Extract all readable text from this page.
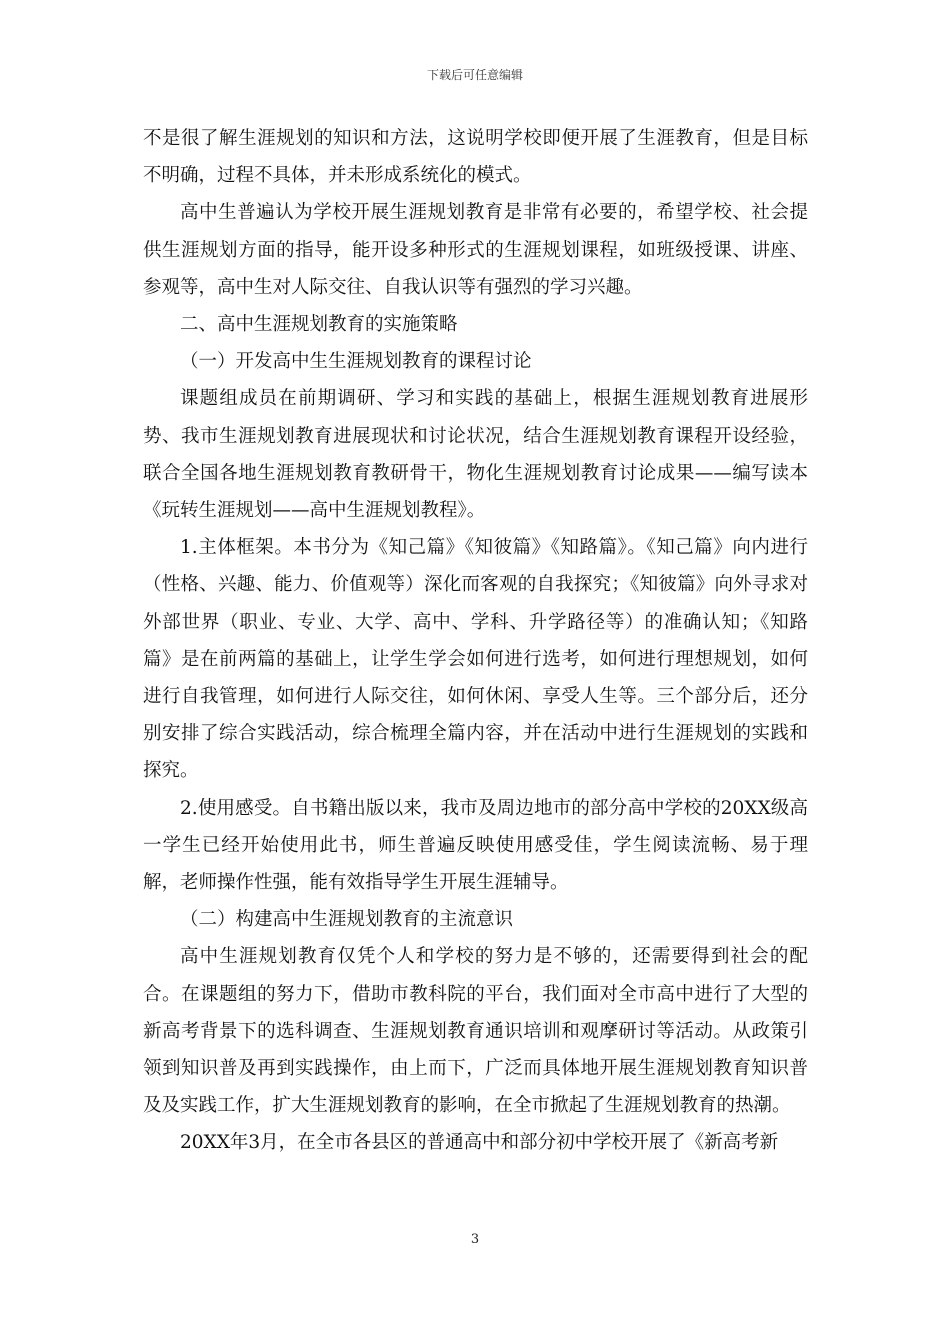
下载后可任意编辑

不是很了解生涯规划的知识和方法，这说明学校即便开展了生涯教育，但是目标不明确，过程不具体，并未形成系统化的模式。

高中生普遍认为学校开展生涯规划教育是非常有必要的，希望学校、社会提供生涯规划方面的指导，能开设多种形式的生涯规划课程，如班级授课、讲座、参观等，高中生对人际交往、自我认识等有强烈的学习兴趣。

二、高中生涯规划教育的实施策略

（一）开发高中生生涯规划教育的课程讨论

课题组成员在前期调研、学习和实践的基础上，根据生涯规划教育进展形势、我市生涯规划教育进展现状和讨论状况，结合生涯规划教育课程开设经验，联合全国各地生涯规划教育教研骨干，物化生涯规划教育讨论成果——编写读本《玩转生涯规划——高中生涯规划教程》。

1.主体框架。本书分为《知己篇》《知彼篇》《知路篇》。《知己篇》向内进行（性格、兴趣、能力、价值观等）深化而客观的自我探究；《知彼篇》向外寻求对外部世界（职业、专业、大学、高中、学科、升学路径等）的准确认知；《知路篇》是在前两篇的基础上，让学生学会如何进行选考，如何进行理想规划，如何进行自我管理，如何进行人际交往，如何休闲、享受人生等。三个部分后，还分别安排了综合实践活动，综合梳理全篇内容，并在活动中进行生涯规划的实践和探究。

2.使用感受。自书籍出版以来，我市及周边地市的部分高中学校的20XX级高一学生已经开始使用此书，师生普遍反映使用感受佳，学生阅读流畅、易于理解，老师操作性强，能有效指导学生开展生涯辅导。

（二）构建高中生涯规划教育的主流意识

高中生涯规划教育仅凭个人和学校的努力是不够的，还需要得到社会的配合。在课题组的努力下，借助市教科院的平台，我们面对全市高中进行了大型的新高考背景下的选科调查、生涯规划教育通识培训和观摩研讨等活动。从政策引领到知识普及再到实践操作，由上而下，广泛而具体地开展生涯规划教育知识普及及实践工作，扩大生涯规划教育的影响，在全市掀起了生涯规划教育的热潮。

20XX年3月，在全市各县区的普通高中和部分初中学校开展了《新高考新

3
